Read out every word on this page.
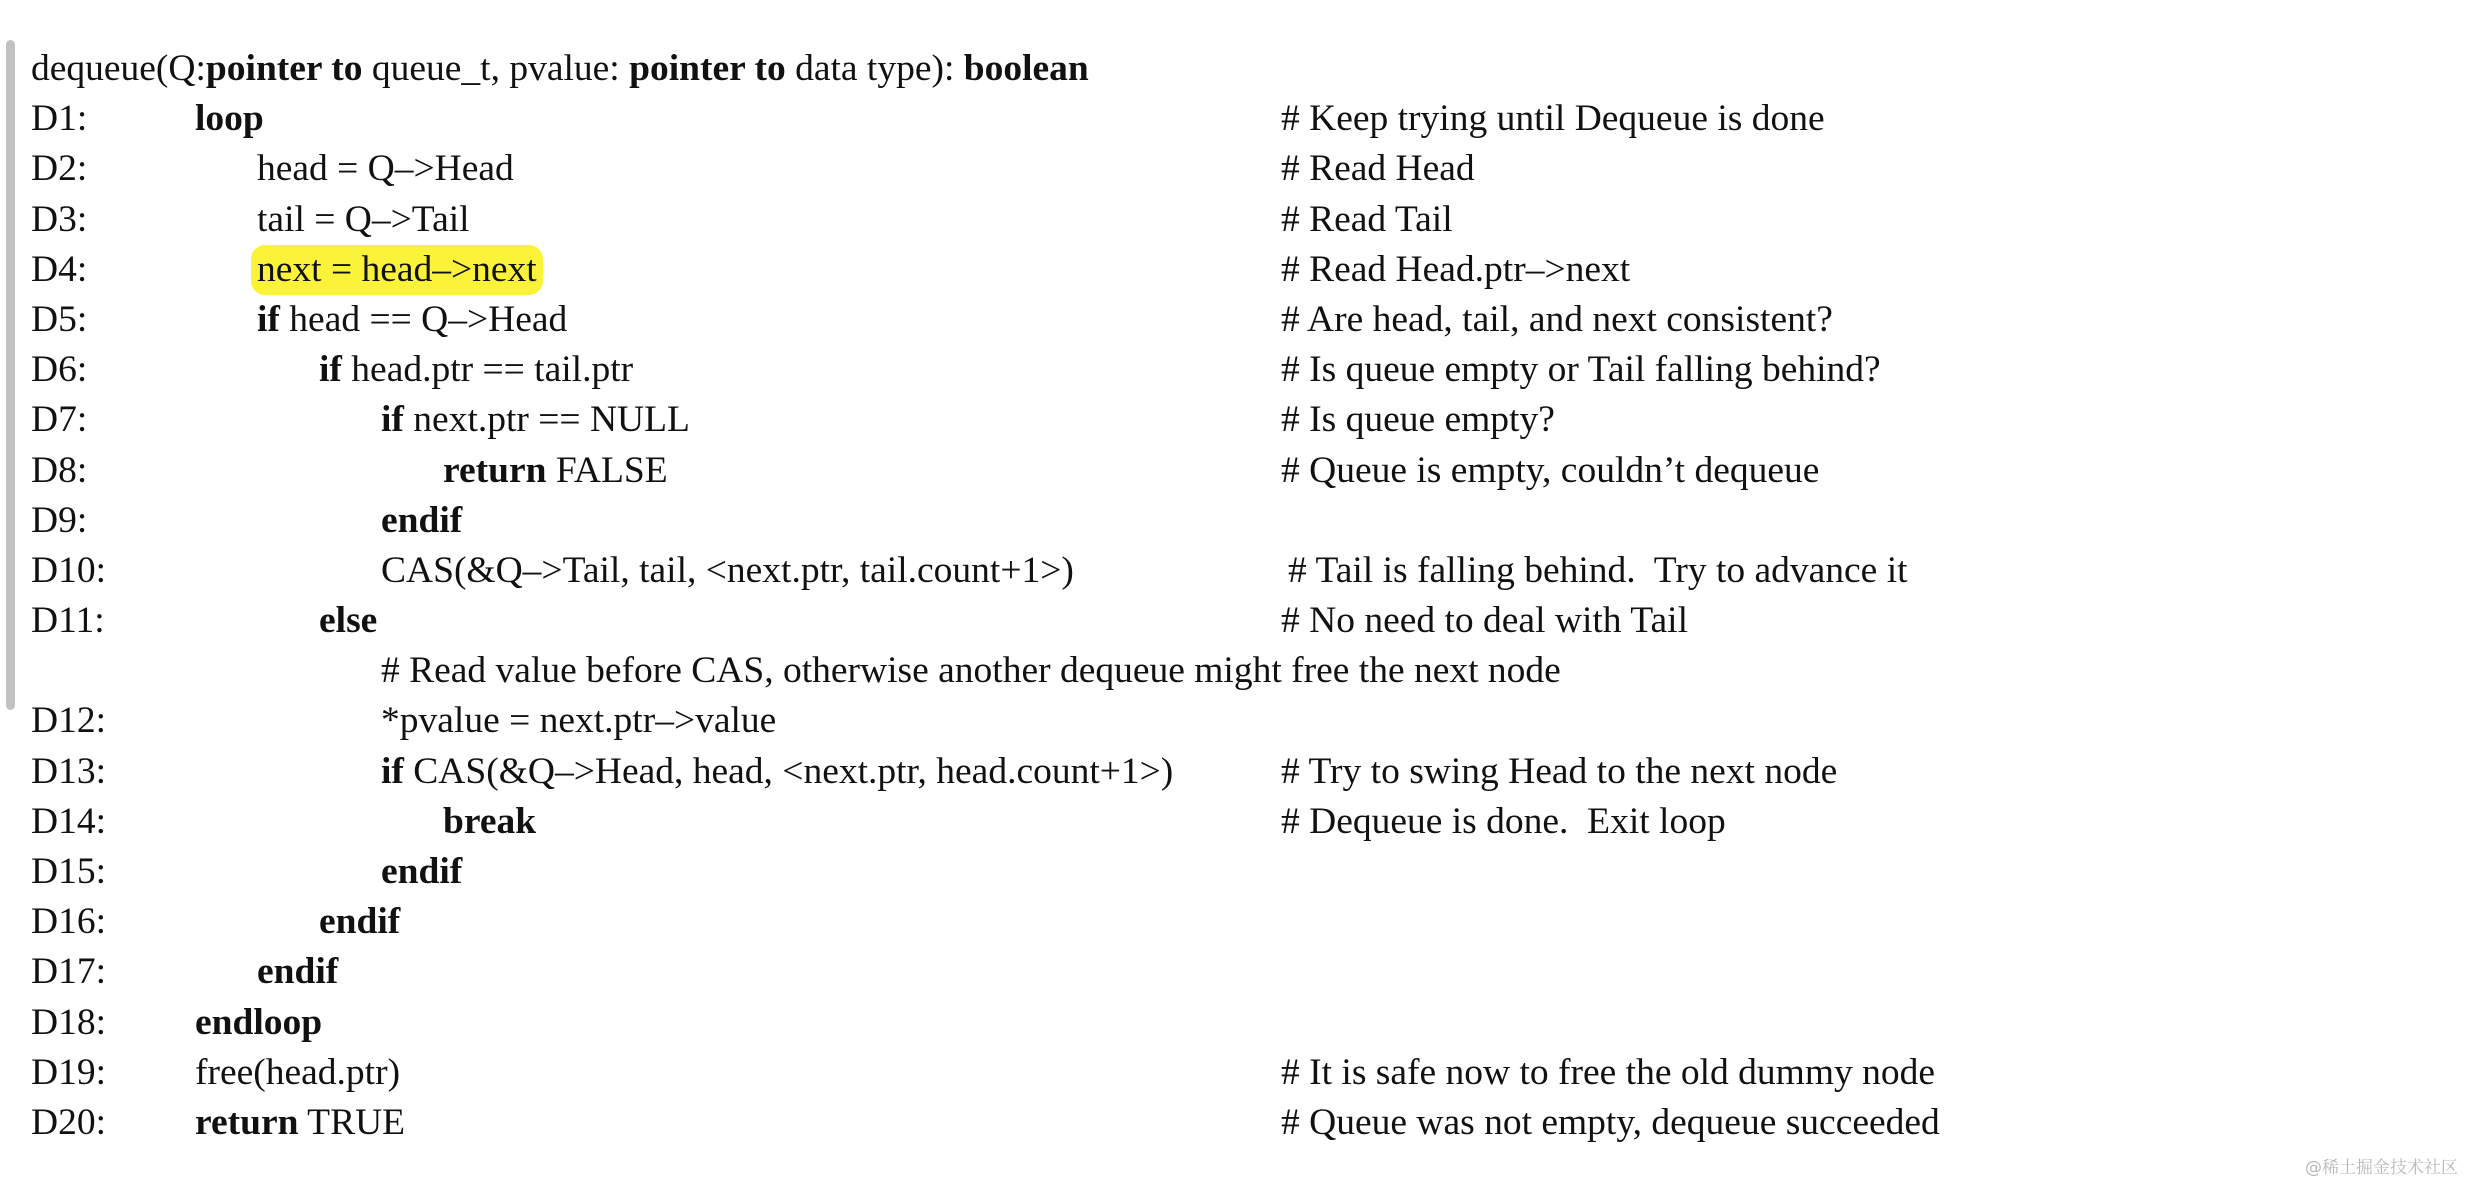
dequeue(Q:pointer to queue_t, pvalue: pointer to data type): boolean
D1:	loop	# Keep trying until Dequeue is done
D2:	head = Q–>Head	# Read Head
D3:	tail = Q–>Tail	# Read Tail
D4:	next = head–>next	# Read Head.ptr–>next
D5:	if head == Q–>Head	# Are head, tail, and next consistent?
D6:	if head.ptr == tail.ptr	# Is queue empty or Tail falling behind?
D7:	if next.ptr == NULL	# Is queue empty?
D8:	return FALSE	# Queue is empty, couldn’t dequeue
D9:	endif
D10:	CAS(&Q–>Tail, tail, <next.ptr, tail.count+1>)	# Tail is falling behind.  Try to advance it
D11:	else	# No need to deal with Tail
# Read value before CAS, otherwise another dequeue might free the next node
D12:	*pvalue = next.ptr–>value
D13:	if CAS(&Q–>Head, head, <next.ptr, head.count+1>)	# Try to swing Head to the next node
D14:	break	# Dequeue is done.  Exit loop
D15:	endif
D16:	endif
D17:	endif
D18: endloop
D19: free(head.ptr)	# It is safe now to free the old dummy node
D20: return TRUE	# Queue was not empty, dequeue succeeded
@稀土掘金技术社区
